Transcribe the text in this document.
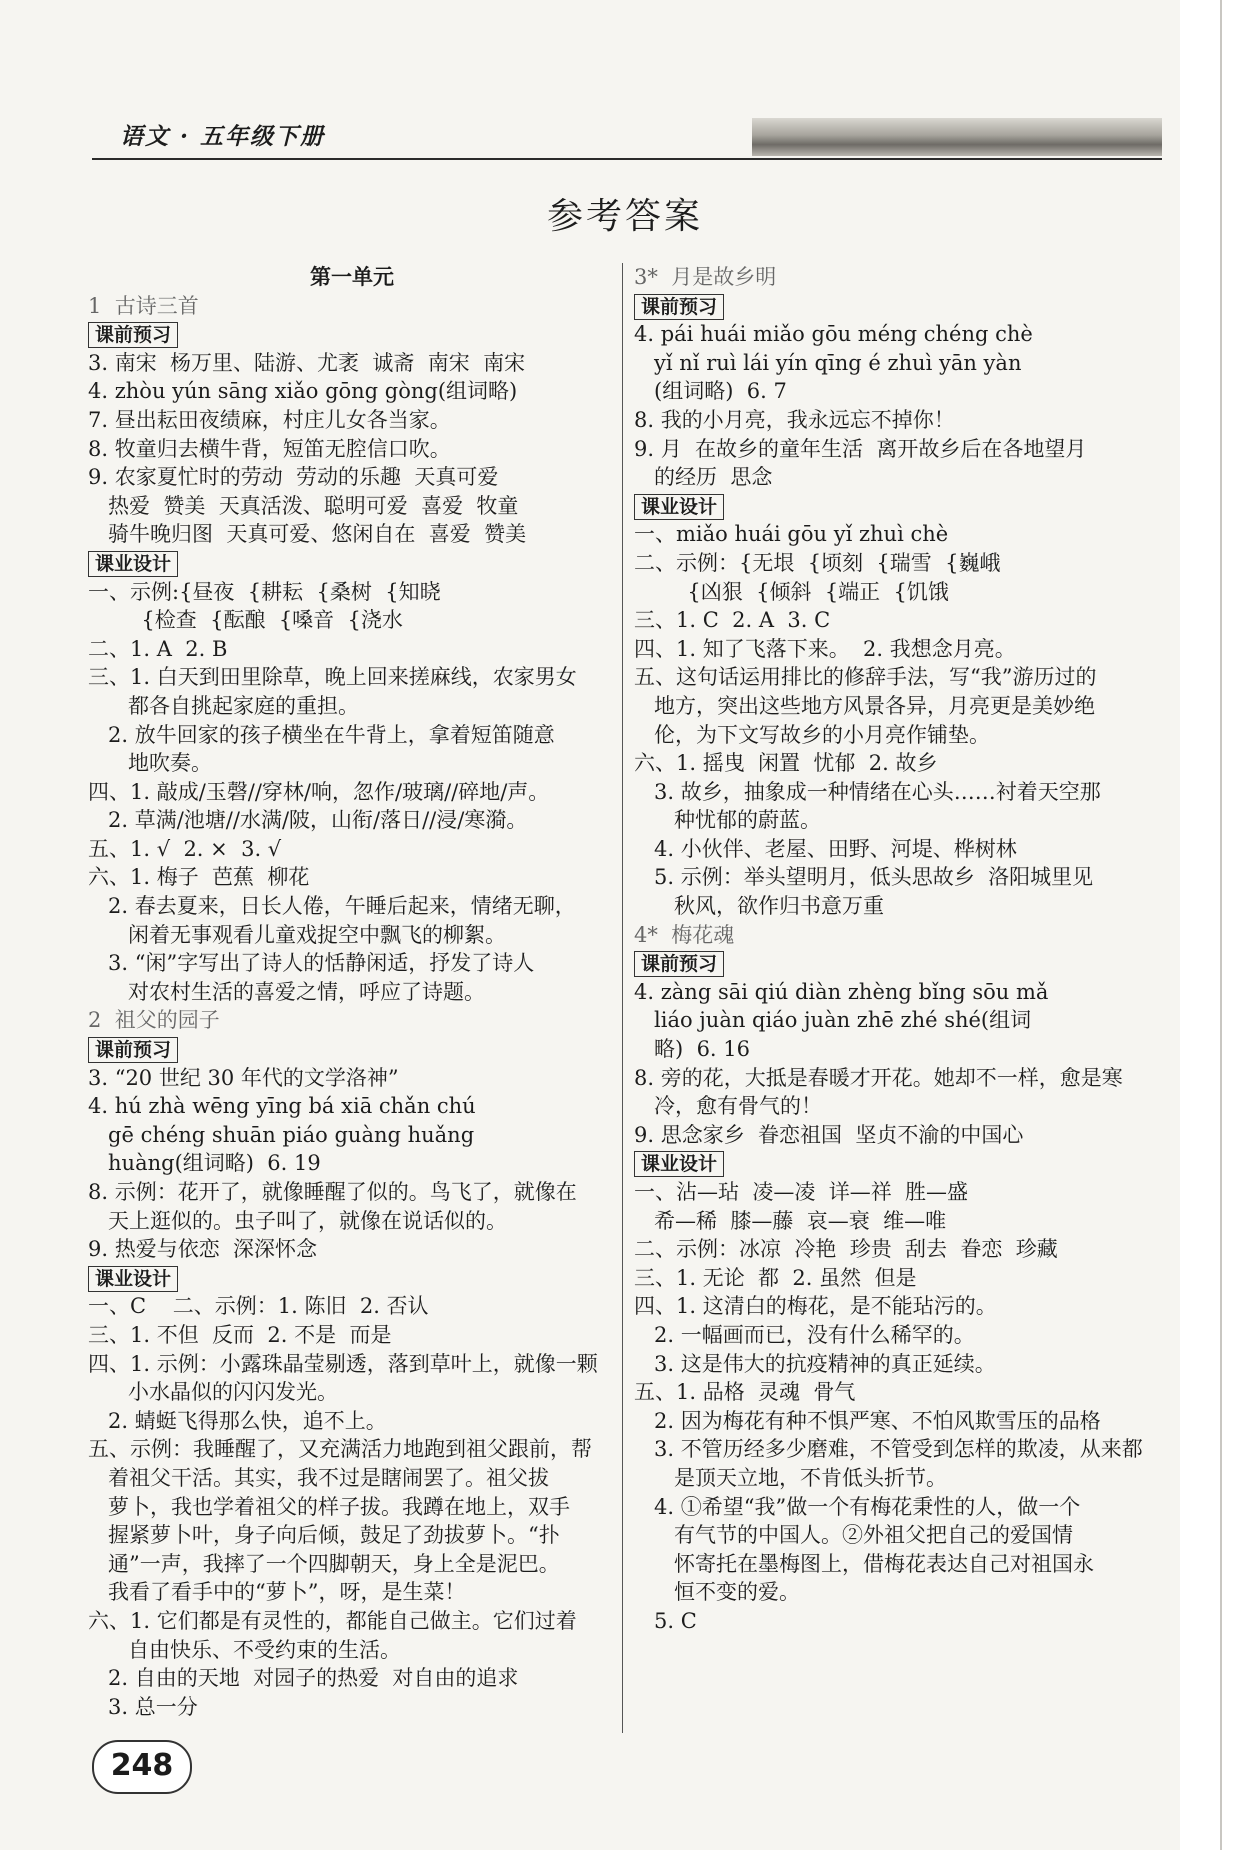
语文 · 五年级下册
参考答案
第一单元
1  古诗三首
课前预习
3. 南宋  杨万里、陆游、尤袤  诚斋  南宋  南宋
4. zhòu yún sāng xiǎo gōng gòng(组词略)
7. 昼出耘田夜绩麻，村庄儿女各当家。
8. 牧童归去横牛背，短笛无腔信口吹。
9. 农家夏忙时的劳动  劳动的乐趣  天真可爱
热爱  赞美  天真活泼、聪明可爱  喜爱  牧童
骑牛晚归图  天真可爱、悠闲自在  喜爱  赞美
课业设计
一、示例:{昼夜  {耕耘  {桑树  {知晓
{检查  {酝酿  {嗓音  {浇水
二、1. A  2. B
三、1. 白天到田里除草，晚上回来搓麻线，农家男女
都各自挑起家庭的重担。
2. 放牛回家的孩子横坐在牛背上，拿着短笛随意
地吹奏。
四、1. 敲成/玉磬//穿林/响，忽作/玻璃//碎地/声。
2. 草满/池塘//水满/陂，山衔/落日//浸/寒漪。
五、1. √  2. ×  3. √
六、1. 梅子  芭蕉  柳花
2. 春去夏来，日长人倦，午睡后起来，情绪无聊，
闲着无事观看儿童戏捉空中飘飞的柳絮。
3. “闲”字写出了诗人的恬静闲适，抒发了诗人
对农村生活的喜爱之情，呼应了诗题。
2  祖父的园子
课前预习
3. “20 世纪 30 年代的文学洛神”
4. hú zhà wēng yīng bá xiā chǎn chú
gē chéng shuān piáo guàng huǎng
huàng(组词略)  6. 19
8. 示例：花开了，就像睡醒了似的。鸟飞了，就像在
天上逛似的。虫子叫了，就像在说话似的。
9. 热爱与依恋  深深怀念
课业设计
一、C    二、示例：1. 陈旧  2. 否认
三、1. 不但  反而  2. 不是  而是
四、1. 示例：小露珠晶莹剔透，落到草叶上，就像一颗
小水晶似的闪闪发光。
2. 蜻蜓飞得那么快，追不上。
五、示例：我睡醒了，又充满活力地跑到祖父跟前，帮
着祖父干活。其实，我不过是瞎闹罢了。祖父拔
萝卜，我也学着祖父的样子拔。我蹲在地上，双手
握紧萝卜叶，身子向后倾，鼓足了劲拔萝卜。“扑
通”一声，我摔了一个四脚朝天，身上全是泥巴。
我看了看手中的“萝卜”，呀，是生菜！
六、1. 它们都是有灵性的，都能自己做主。它们过着
自由快乐、不受约束的生活。
2. 自由的天地  对园子的热爱  对自由的追求
3. 总一分
3*  月是故乡明
课前预习
4. pái huái miǎo gōu méng chéng chè
yǐ nǐ ruì lái yín qīng é zhuì yān yàn
(组词略)  6. 7
8. 我的小月亮，我永远忘不掉你！
9. 月  在故乡的童年生活  离开故乡后在各地望月
的经历  思念
课业设计
一、miǎo huái gōu yǐ zhuì chè
二、示例：{无垠  {顷刻  {瑞雪  {巍峨
{凶狠  {倾斜  {端正  {饥饿
三、1. C  2. A  3. C
四、1. 知了飞落下来。  2. 我想念月亮。
五、这句话运用排比的修辞手法，写“我”游历过的
地方，突出这些地方风景各异，月亮更是美妙绝
伦，为下文写故乡的小月亮作铺垫。
六、1. 摇曳  闲置  忧郁  2. 故乡
3. 故乡，抽象成一种情绪在心头……衬着天空那
种忧郁的蔚蓝。
4. 小伙伴、老屋、田野、河堤、桦树林
5. 示例：举头望明月，低头思故乡  洛阳城里见
秋风，欲作归书意万重
4*  梅花魂
课前预习
4. zàng sāi qiú diàn zhèng bǐng sōu mǎ
liáo juàn qiáo juàn zhē zhé shé(组词
略)  6. 16
8. 旁的花，大抵是春暖才开花。她却不一样，愈是寒
冷，愈有骨气的！
9. 思念家乡  眷恋祖国  坚贞不渝的中国心
课业设计
一、沾—玷  凌—凌  详—祥  胜—盛
希—稀  膝—藤  哀—衰  维—唯
二、示例：冰凉  冷艳  珍贵  刮去  眷恋  珍藏
三、1. 无论  都  2. 虽然  但是
四、1. 这清白的梅花，是不能玷污的。
2. 一幅画而已，没有什么稀罕的。
3. 这是伟大的抗疫精神的真正延续。
五、1. 品格  灵魂  骨气
2. 因为梅花有种不惧严寒、不怕风欺雪压的品格
3. 不管历经多少磨难，不管受到怎样的欺凌，从来都
是顶天立地，不肯低头折节。
4. ①希望“我”做一个有梅花秉性的人，做一个
有气节的中国人。②外祖父把自己的爱国情
怀寄托在墨梅图上，借梅花表达自己对祖国永
恒不变的爱。
5. C
248
